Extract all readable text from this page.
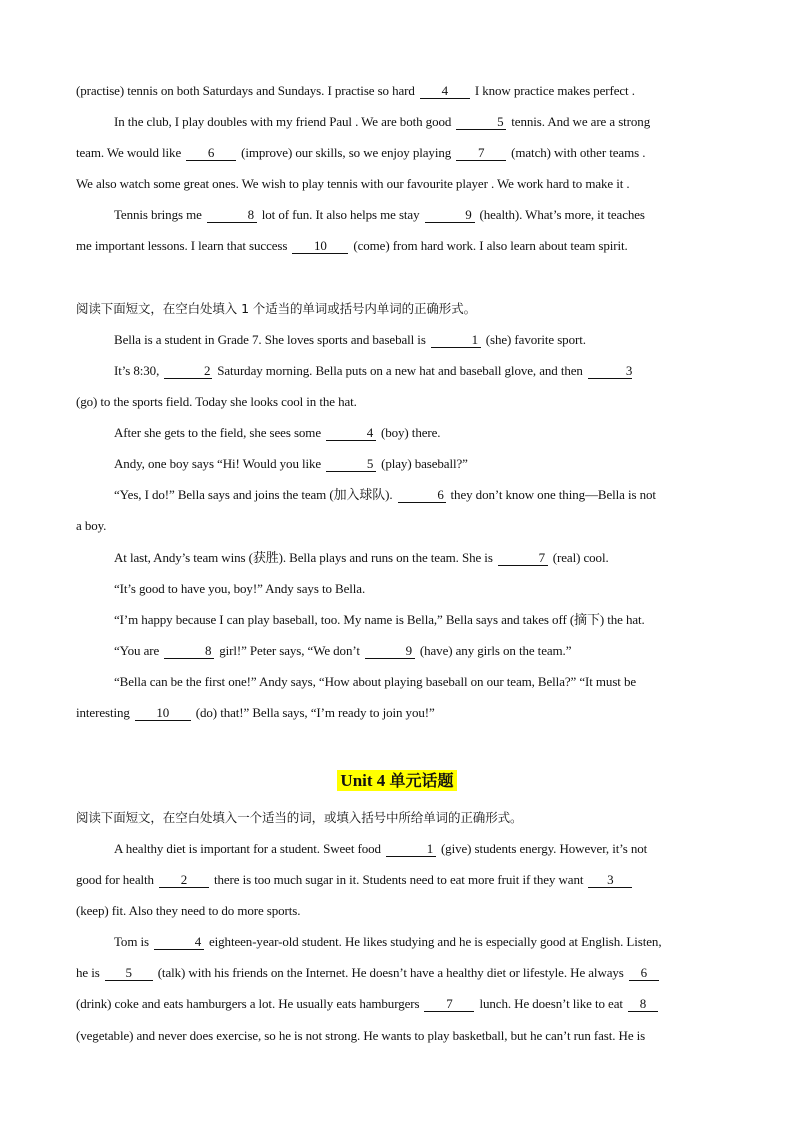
(practise) tennis on both Saturdays and Sundays. I practise so hard 4 I know practice makes perfect .
In the club, I play doubles with my friend Paul . We are both good	5 tennis. And we are a strong
team. We would like 6 (improve) our skills, so we enjoy playing 7 (match) with other teams .
We also watch some great ones. We wish to play tennis with our favourite player . We work hard to make it .
Tennis brings me	8 lot of fun. It also helps me stay	9 (health). What’s more, it teaches
me important lessons. I learn that success 10 (come) from hard work. I also learn about team spirit.
阅读下面短文，在空白处填入 1 个适当的单词或括号内单词的正确形式。
Bella is a student in Grade 7. She loves sports and baseball is	1 (she) favorite sport.
It’s 8:30,	2 Saturday morning. Bella puts on a new hat and baseball glove, and then	3
(go) to the sports field. Today she looks cool in the hat.
After she gets to the field, she sees some	4 (boy) there.
Andy, one boy says “Hi! Would you like	5 (play) baseball?”
“Yes, I do!” Bella says and joins the team (加入球队).	6 they don’t know one thing—Bella is not
a boy.
At last, Andy’s team wins (获胜). Bella plays and runs on the team. She is	7 (real) cool.
“It’s good to have you, boy!” Andy says to Bella.
“I’m happy because I can play baseball, too. My name is Bella,” Bella says and takes off (摘下) the hat.
“You are	8 girl!” Peter says, “We don’t	9 (have) any girls on the team.”
“Bella can be the first one!” Andy says, “How about playing baseball on our team, Bella?” “It must be
interesting 10 (do) that!” Bella says, “I’m ready to join you!”
Unit 4 单元话题
阅读下面短文，在空白处填入一个适当的词，或填入括号中所给单词的正确形式。
A healthy diet is important for a student. Sweet food	1 (give) students energy. However, it’s not
good for health 2 there is too much sugar in it. Students need to eat more fruit if they want 3
(keep) fit. Also they need to do more sports.
Tom is	4 eighteen-year-old student. He likes studying and he is especially good at English. Listen,
he is 5 (talk) with his friends on the Internet. He doesn’t have a healthy diet or lifestyle. He always 6
(drink) coke and eats hamburgers a lot. He usually eats hamburgers 7 lunch. He doesn’t like to eat 8
(vegetable) and never does exercise, so he is not strong. He wants to play basketball, but he can’t run fast. He is
